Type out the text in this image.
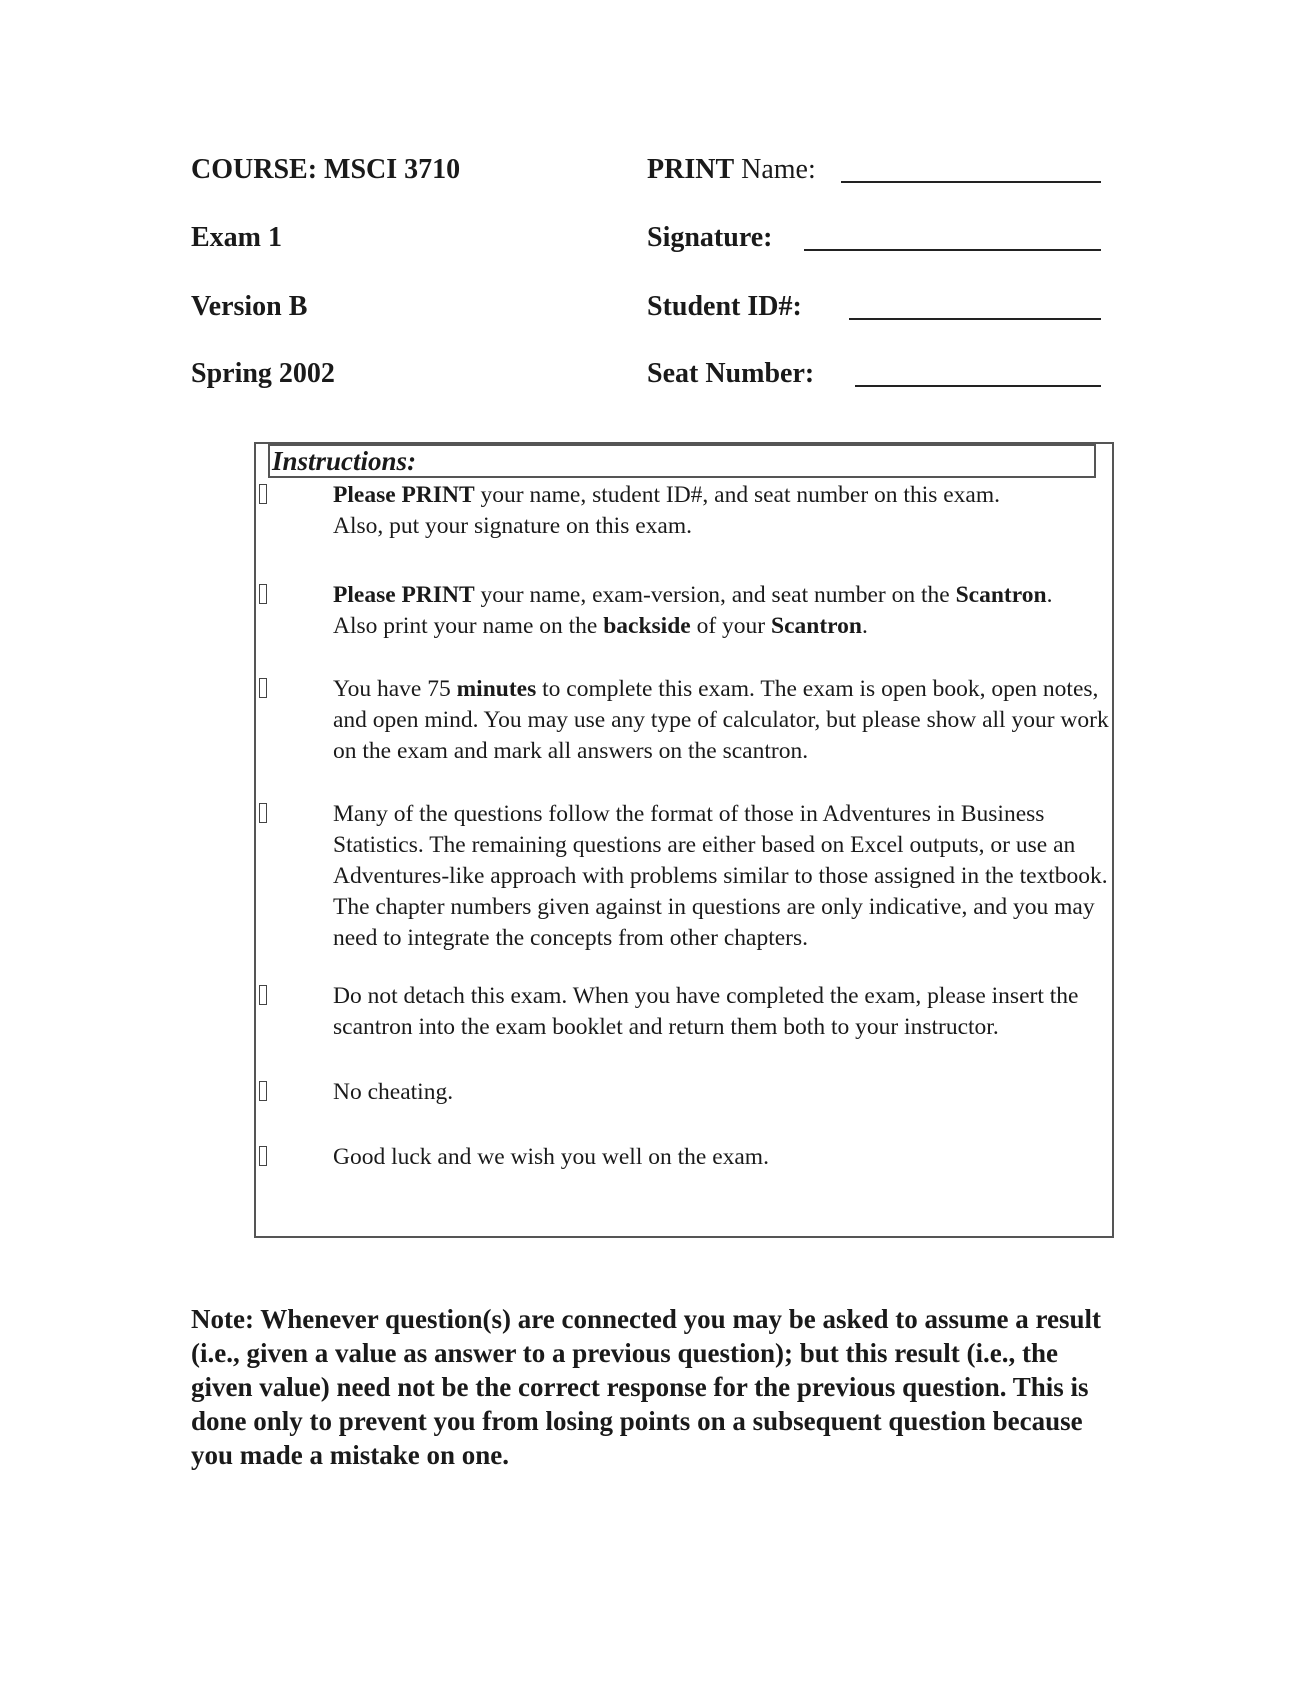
COURSE: MSCI 3710
Exam 1
Version B
Spring 2002
PRINT Name:
Signature:
Student ID#:
Seat Number:
Instructions:
Please PRINT your name, student ID#, and seat number on this exam.
Also, put your signature on this exam.
Please PRINT your name, exam-version, and seat number on the Scantron.
Also print your name on the backside of your Scantron.
You have 75 minutes to complete this exam. The exam is open book, open notes, and open mind. You may use any type of calculator, but please show all your work on the exam and mark all answers on the scantron.
Many of the questions follow the format of those in Adventures in Business Statistics. The remaining questions are either based on Excel outputs, or use an Adventures-like approach with problems similar to those assigned in the textbook. The chapter numbers given against in questions are only indicative, and you may need to integrate the concepts from other chapters.
Do not detach this exam. When you have completed the exam, please insert the scantron into the exam booklet and return them both to your instructor.
No cheating.
Good luck and we wish you well on the exam.
Note: Whenever question(s) are connected you may be asked to assume a result (i.e., given a value as answer to a previous question); but this result (i.e., the given value) need not be the correct response for the previous question. This is done only to prevent you from losing points on a subsequent question because you made a mistake on one.
